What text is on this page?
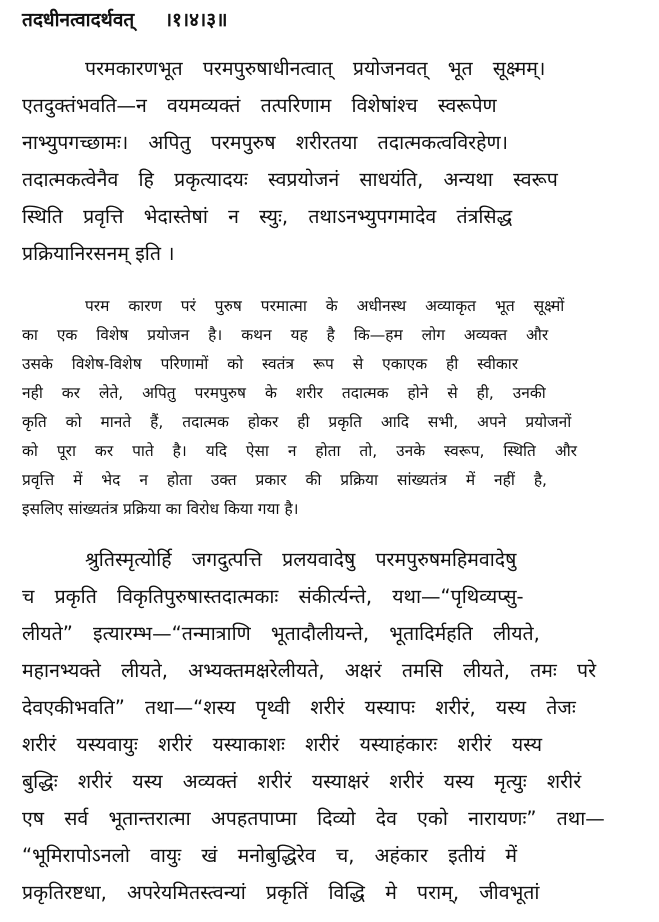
तदधीनत्वादर्थवत् ।१।४।३॥
परमकारणभूत परमपुरुषाधीनत्वात् प्रयोजनवत् भूत सूक्ष्मम्।
एतदुक्तंभवति—न वयमव्यक्तं तत्परिणाम विशेषांश्च स्वरूपेण
नाभ्युपगच्छामः। अपितु परमपुरुष शरीरतया तदात्मकत्वविरहेण।
तदात्मकत्वेनैव हि प्रकृत्यादयः स्वप्रयोजनं साधयंति, अन्यथा स्वरूप
स्थिति प्रवृत्ति भेदास्तेषां न स्युः, तथाऽनभ्युपगमादेव तंत्रसिद्ध
प्रक्रियानिरसनम् इति ।
परम कारण परं पुरुष परमात्मा के अधीनस्थ अव्याकृत भूत सूक्ष्मों
का एक विशेष प्रयोजन है। कथन यह है कि—हम लोग अव्यक्त और
उसके विशेष-विशेष परिणामों को स्वतंत्र रूप से एकाएक ही स्वीकार
नही कर लेते, अपितु परमपुरुष के शरीर तदात्मक होने से ही, उनकी
कृति को मानते हैं, तदात्मक होकर ही प्रकृति आदि सभी, अपने प्रयोजनों
को पूरा कर पाते है। यदि ऐसा न होता तो, उनके स्वरूप, स्थिति और
प्रवृत्ति में भेद न होता उक्त प्रकार की प्रक्रिया सांख्यतंत्र में नहीं है,
इसलिए सांख्यतंत्र प्रक्रिया का विरोध किया गया है।
श्रुतिस्मृत्योर्हि जगदुत्पत्ति प्रलयवादेषु परमपुरुषमहिमवादेषु
च प्रकृति विकृतिपुरुषास्तदात्मकाः संकीर्त्यन्ते, यथा—“पृथिव्यप्सु-
लीयते” इत्यारम्भ—“तन्मात्राणि भूतादौलीयन्ते, भूतादिर्महति लीयते,
महानभ्यक्ते लीयते, अभ्यक्तमक्षरेलीयते, अक्षरं तमसि लीयते, तमः परे
देवएकीभवति” तथा—“शस्य पृथ्वी शरीरं यस्यापः शरीरं, यस्य तेजः
शरीरं यस्यवायुः शरीरं यस्याकाशः शरीरं यस्याहंकारः शरीरं यस्य
बुद्धिः शरीरं यस्य अव्यक्तं शरीरं यस्याक्षरं शरीरं यस्य मृत्युः शरीरं
एष सर्व भूतान्तरात्मा अपहतपाप्मा दिव्यो देव एको नारायणः” तथा—
“भूमिरापोऽनलो वायुः खं मनोबुद्धिरेव च, अहंकार इतीयं में
प्रकृतिरष्टधा, अपरेयमितस्त्वन्यां प्रकृतिं विद्धि मे पराम्, जीवभूतां
